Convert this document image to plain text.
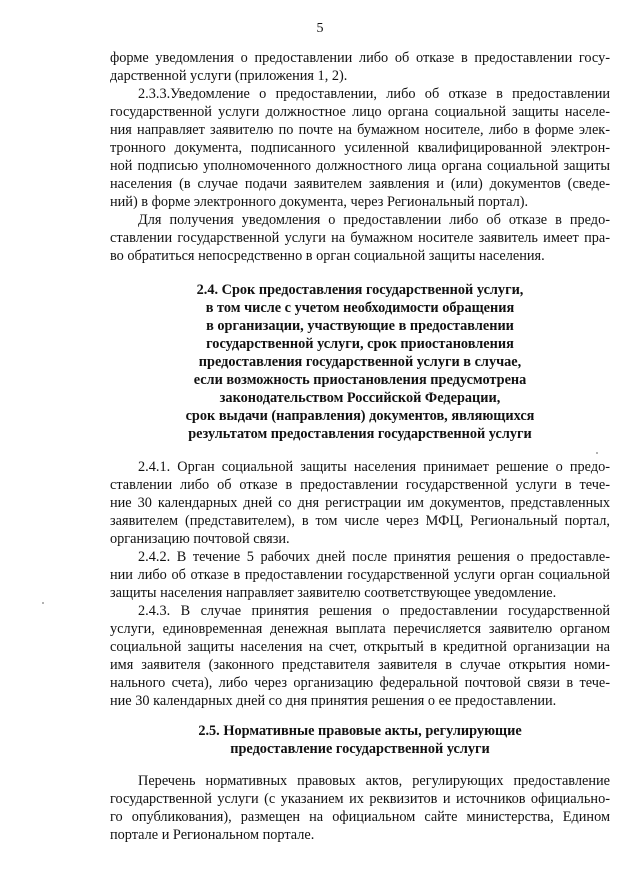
5
форме уведомления о предоставлении либо об отказе в предоставлении госу-
дарственной услуги (приложения 1, 2).
2.3.3.Уведомление о предоставлении, либо об отказе в предоставлении
государственной услуги должностное лицо органа социальной защиты населе-
ния направляет заявителю по почте на бумажном носителе, либо в форме элек-
тронного документа, подписанного усиленной квалифицированной электрон-
ной подписью уполномоченного должностного лица органа социальной защиты
населения (в случае подачи заявителем заявления и (или) документов (сведе-
ний) в форме электронного документа, через Региональный портал).
Для получения уведомления о предоставлении либо об отказе в предо-
ставлении государственной услуги на бумажном носителе заявитель имеет пра-
во обратиться непосредственно в орган социальной защиты населения.
2.4. Срок предоставления государственной услуги,
в том числе с учетом необходимости обращения
в организации, участвующие в предоставлении
государственной услуги, срок приостановления
предоставления государственной услуги в случае,
если возможность приостановления предусмотрена
законодательством Российской Федерации,
срок выдачи (направления) документов, являющихся
результатом предоставления государственной услуги
2.4.1. Орган социальной защиты населения принимает решение о предо-
ставлении либо об отказе в предоставлении государственной услуги в тече-
ние 30 календарных дней со дня регистрации им документов, представленных
заявителем (представителем), в том числе через МФЦ, Региональный портал,
организацию почтовой связи.
2.4.2. В течение 5 рабочих дней после принятия решения о предоставле-
нии либо об отказе в предоставлении государственной услуги орган социальной
защиты населения направляет заявителю соответствующее уведомление.
2.4.3. В случае принятия решения о предоставлении государственной
услуги, единовременная денежная выплата перечисляется заявителю органом
социальной защиты населения на счет, открытый в кредитной организации на
имя заявителя (законного представителя заявителя в случае открытия номи-
нального счета), либо через организацию федеральной почтовой связи в тече-
ние 30 календарных дней со дня принятия решения о ее предоставлении.
2.5. Нормативные правовые акты, регулирующие
предоставление государственной услуги
Перечень нормативных правовых актов, регулирующих предоставление
государственной услуги (с указанием их реквизитов и источников официально-
го опубликования), размещен на официальном сайте министерства, Едином
портале и Региональном портале.
